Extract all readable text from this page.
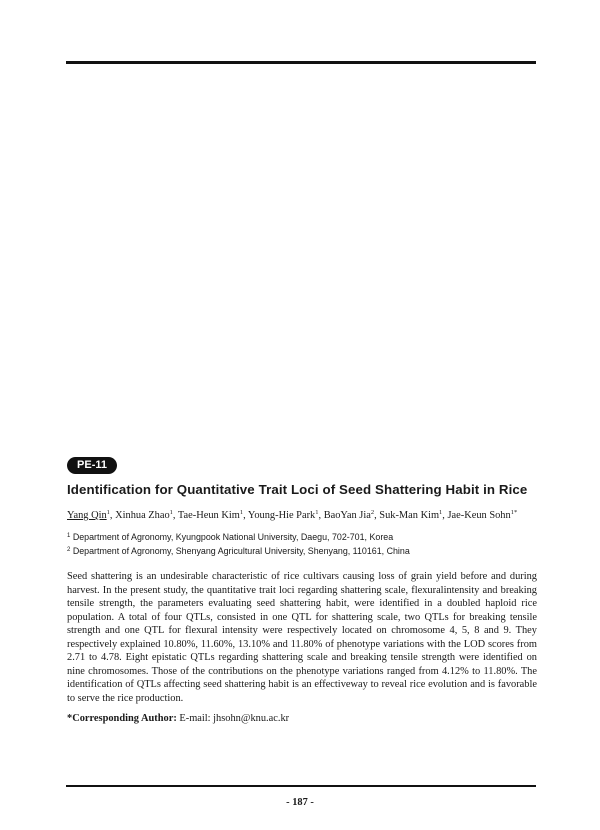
PE-11
Identification for Quantitative Trait Loci of Seed Shattering Habit in Rice
Yang Qin$^1$, Xinhua Zhao$^1$, Tae-Heun Kim$^1$, Young-Hie Park$^1$, BaoYan Jia$^2$, Suk-Man Kim$^1$, Jae-Keun Sohn$^{1*}$
$^1$ Department of Agronomy, Kyungpook National University, Daegu, 702-701, Korea
$^2$ Department of Agronomy, Shenyang Agricultural University, Shenyang, 110161, China
Seed shattering is an undesirable characteristic of rice cultivars causing loss of grain yield before and during harvest. In the present study, the quantitative trait loci regarding shattering scale, flexuralintensity and breaking tensile strength, the parameters evaluating seed shattering habit, were identified in a doubled haploid rice population. A total of four QTLs, consisted in one QTL for shattering scale, two QTLs for breaking tensile strength and one QTL for flexural intensity were respectively located on chromosome 4, 5, 8 and 9. They respectively explained 10.80%, 11.60%, 13.10% and 11.80% of phenotype variations with the LOD scores from 2.71 to 4.78. Eight epistatic QTLs regarding shattering scale and breaking tensile strength were identified on nine chromosomes. Those of the contributions on the phenotype variations ranged from 4.12% to 11.80%. The identification of QTLs affecting seed shattering habit is an effectiveway to reveal rice evolution and is favorable to serve the rice production.
*Corresponding Author: E-mail: jhsohn@knu.ac.kr
- 187 -
